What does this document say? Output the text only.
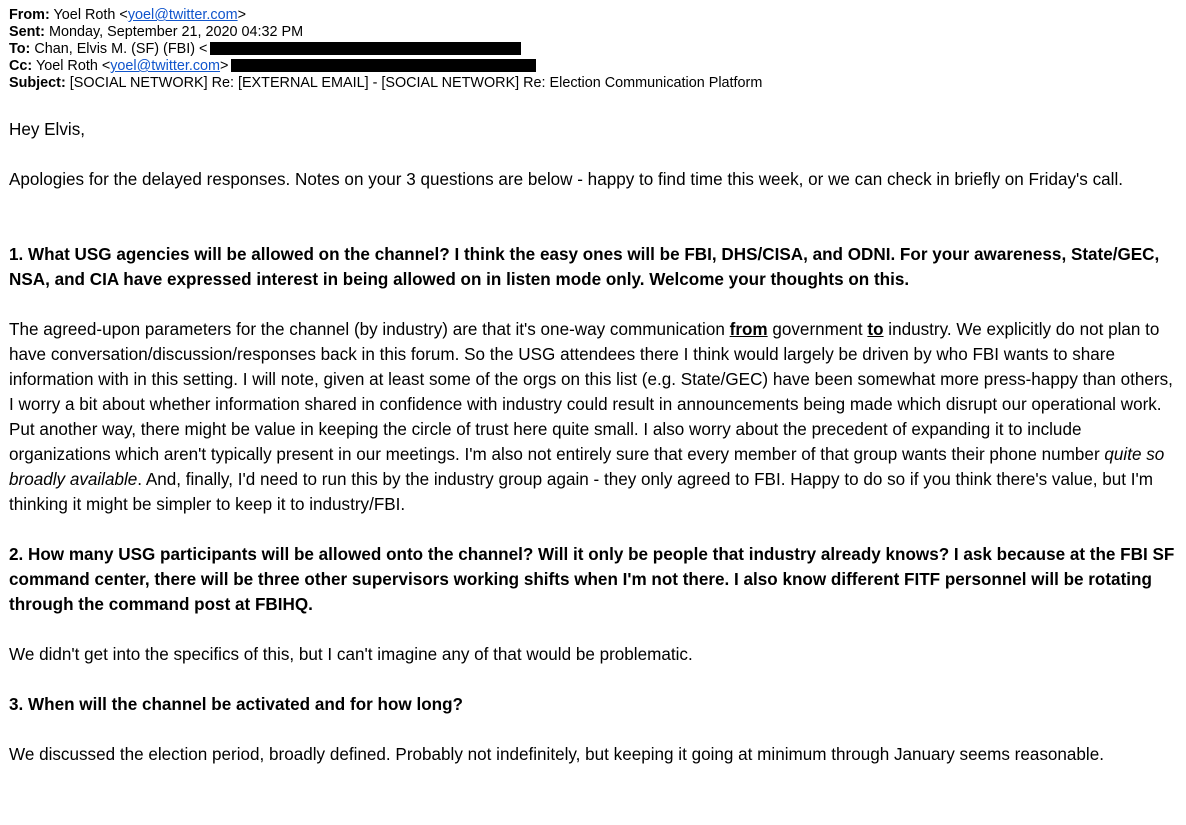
From: Yoel Roth <yoel@twitter.com>
Sent: Monday, September 21, 2020 04:32 PM
To: Chan, Elvis M. (SF) (FBI) <
Cc: Yoel Roth <yoel@twitter.com>
Subject: [SOCIAL NETWORK] Re: [EXTERNAL EMAIL] - [SOCIAL NETWORK] Re: Election Communication Platform

Hey Elvis,

Apologies for the delayed responses. Notes on your 3 questions are below - happy to find time this week, or we can check in briefly on Friday's call.

1. What USG agencies will be allowed on the channel? I think the easy ones will be FBI, DHS/CISA, and ODNI. For your awareness, State/GEC, NSA, and CIA have expressed interest in being allowed on in listen mode only. Welcome your thoughts on this.

The agreed-upon parameters for the channel (by industry) are that it's one-way communication from government to industry. We explicitly do not plan to have conversation/discussion/responses back in this forum. So the USG attendees there I think would largely be driven by who FBI wants to share information with in this setting. I will note, given at least some of the orgs on this list (e.g. State/GEC) have been somewhat more press-happy than others, I worry a bit about whether information shared in confidence with industry could result in announcements being made which disrupt our operational work. Put another way, there might be value in keeping the circle of trust here quite small. I also worry about the precedent of expanding it to include organizations which aren't typically present in our meetings. I'm also not entirely sure that every member of that group wants their phone number quite so broadly available. And, finally, I'd need to run this by the industry group again - they only agreed to FBI. Happy to do so if you think there's value, but I'm thinking it might be simpler to keep it to industry/FBI.

2. How many USG participants will be allowed onto the channel? Will it only be people that industry already knows? I ask because at the FBI SF command center, there will be three other supervisors working shifts when I'm not there. I also know different FITF personnel will be rotating through the command post at FBIHQ.

We didn't get into the specifics of this, but I can't imagine any of that would be problematic.

3. When will the channel be activated and for how long?

We discussed the election period, broadly defined. Probably not indefinitely, but keeping it going at minimum through January seems reasonable.
